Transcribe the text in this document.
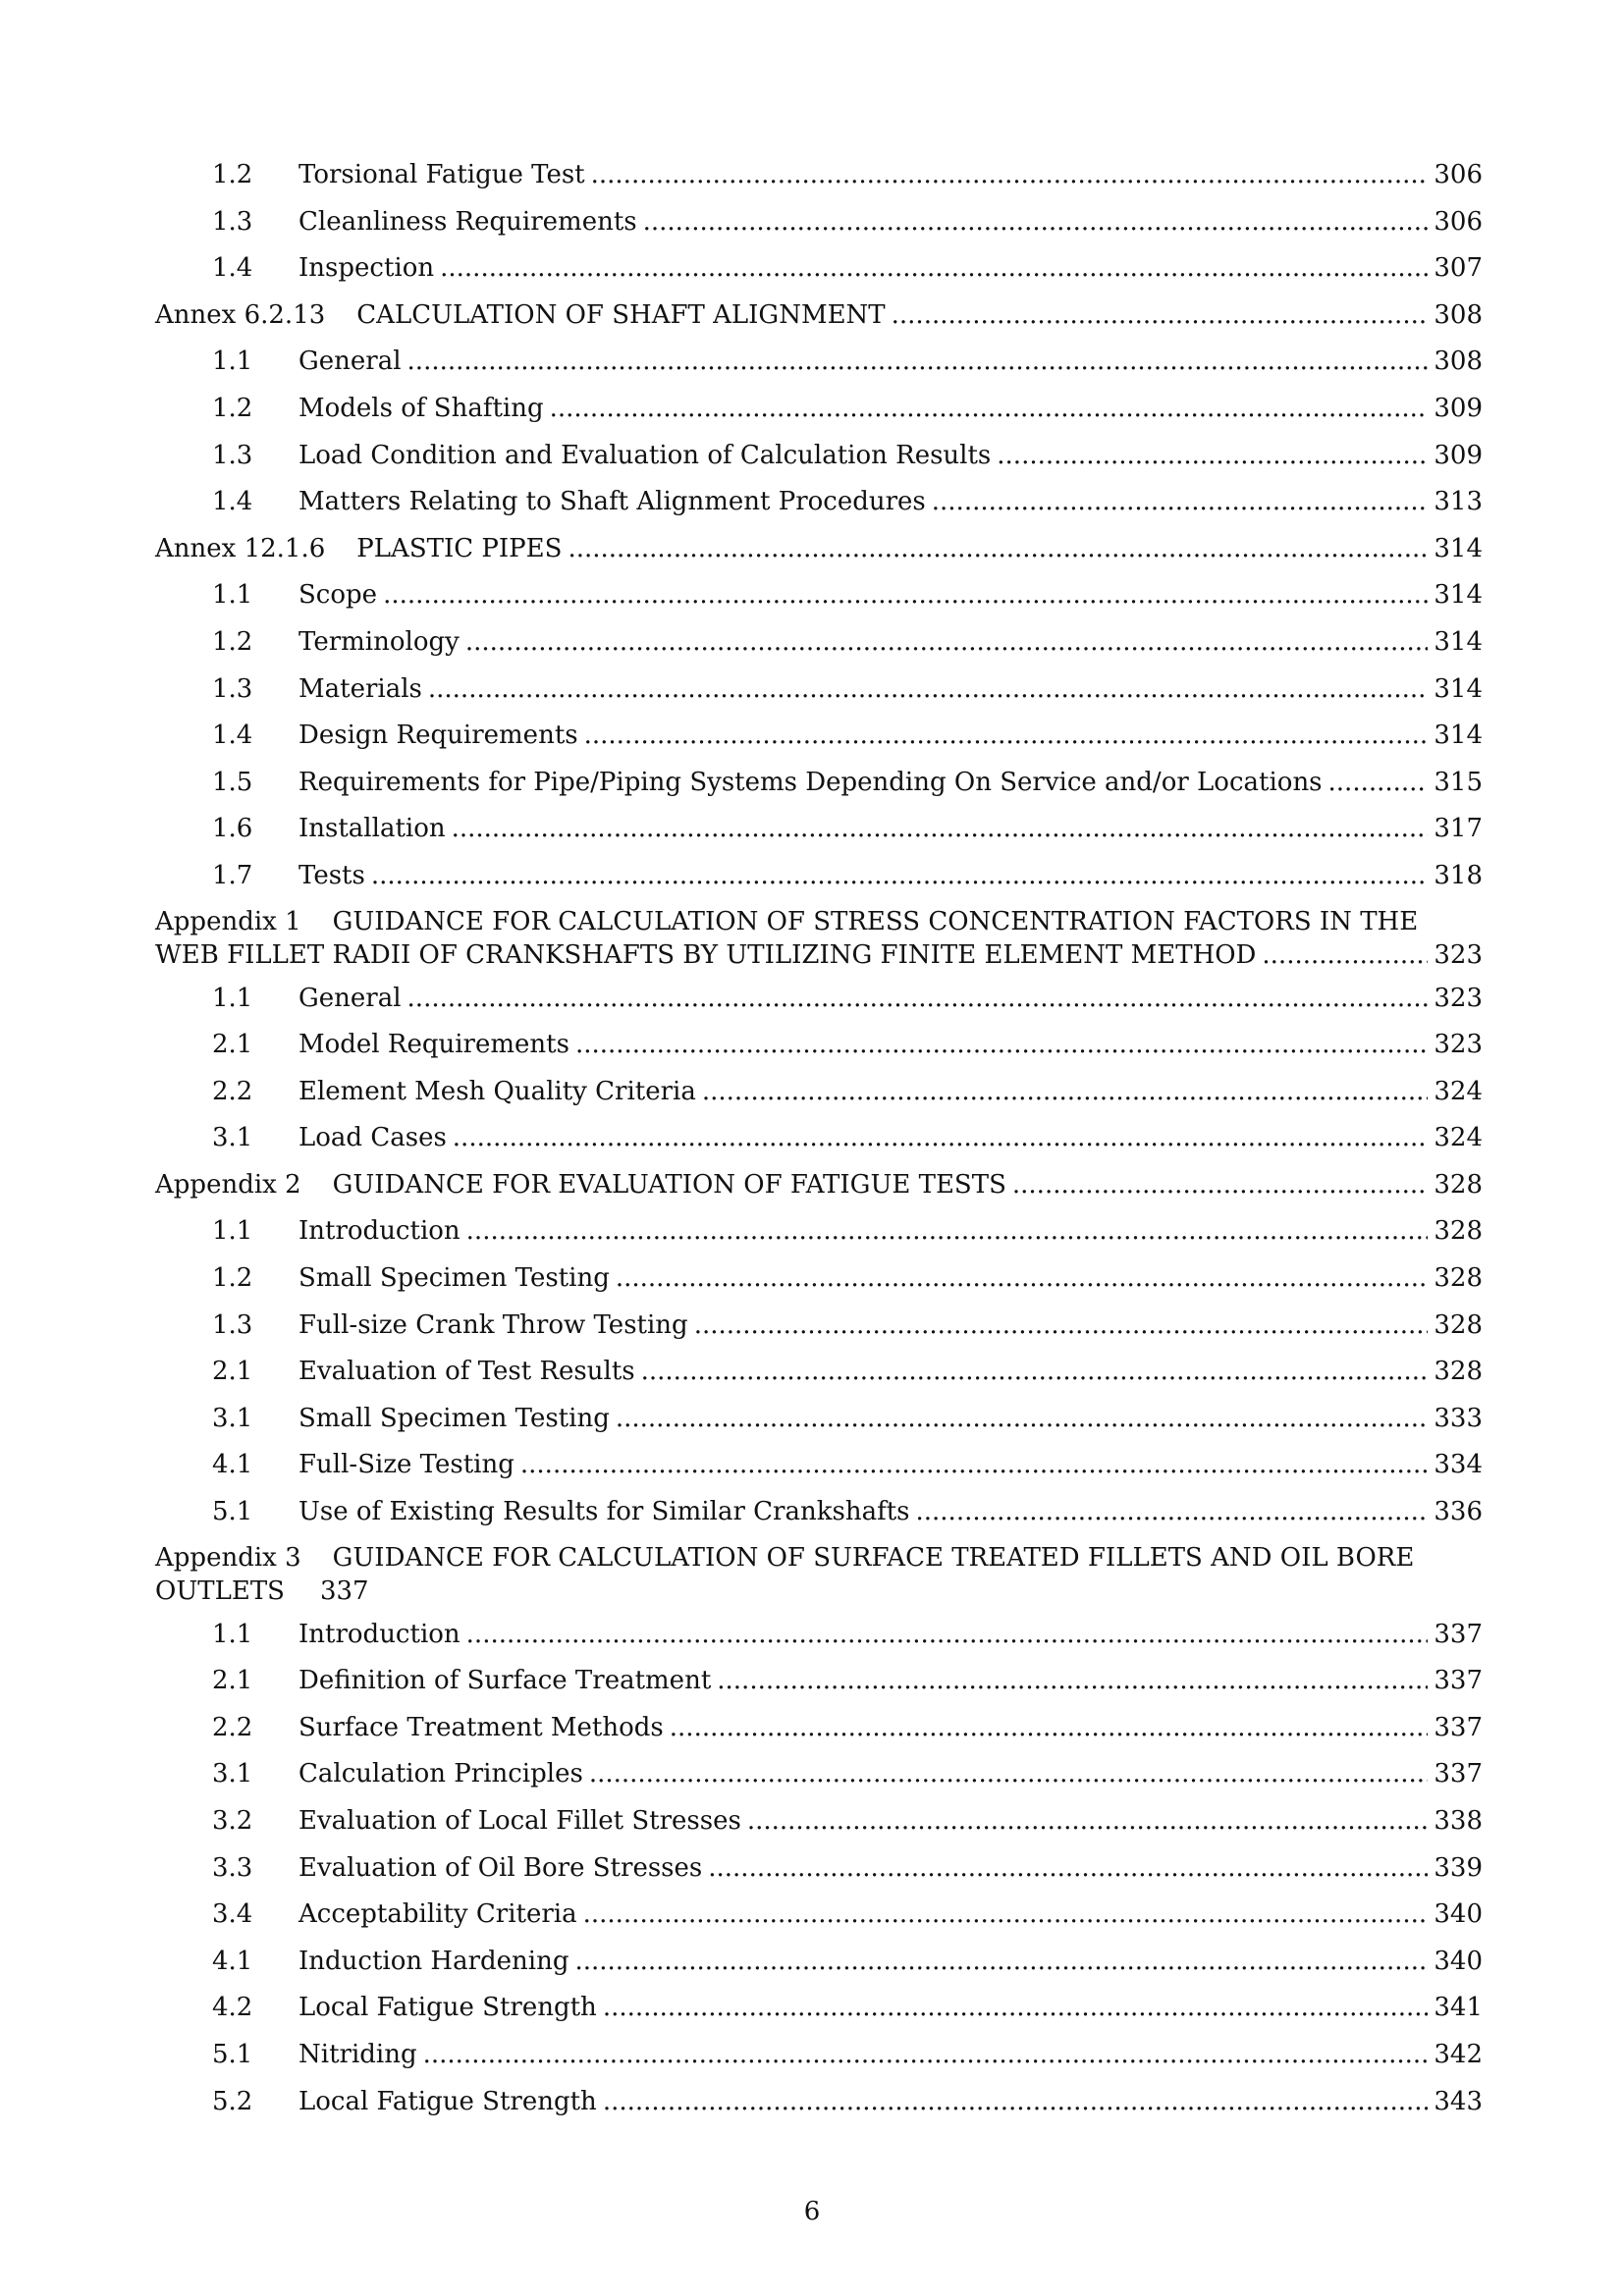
1.2 Torsional Fatigue Test .....	306
1.3 Cleanliness Requirements .....	306
1.4 Inspection .....	307
Annex 6.2.13 CALCULATION OF SHAFT ALIGNMENT .....	308
1.1 General .....	308
1.2 Models of Shafting .....	309
1.3 Load Condition and Evaluation of Calculation Results .....	309
1.4 Matters Relating to Shaft Alignment Procedures .....	313
Annex 12.1.6 PLASTIC PIPES .....	314
1.1 Scope .....	314
1.2 Terminology .....	314
1.3 Materials .....	314
1.4 Design Requirements .....	314
1.5 Requirements for Pipe/Piping Systems Depending On Service and/or Locations .....	315
1.6 Installation .....	317
1.7 Tests .....	318
Appendix 1 GUIDANCE FOR CALCULATION OF STRESS CONCENTRATION FACTORS IN THE
WEB FILLET RADII OF CRANKSHAFTS BY UTILIZING FINITE ELEMENT METHOD .....	323
1.1 General .....	323
2.1 Model Requirements .....	323
2.2 Element Mesh Quality Criteria .....	324
3.1 Load Cases .....	324
Appendix 2 GUIDANCE FOR EVALUATION OF FATIGUE TESTS .....	328
1.1 Introduction .....	328
1.2 Small Specimen Testing .....	328
1.3 Full-size Crank Throw Testing .....	328
2.1 Evaluation of Test Results .....	328
3.1 Small Specimen Testing .....	333
4.1 Full-Size Testing .....	334
5.1 Use of Existing Results for Similar Crankshafts .....	336
Appendix 3 GUIDANCE FOR CALCULATION OF SURFACE TREATED FILLETS AND OIL BORE
OUTLETS 337
1.1 Introduction .....	337
2.1 Definition of Surface Treatment .....	337
2.2 Surface Treatment Methods .....	337
3.1 Calculation Principles .....	337
3.2 Evaluation of Local Fillet Stresses .....	338
3.3 Evaluation of Oil Bore Stresses .....	339
3.4 Acceptability Criteria .....	340
4.1 Induction Hardening .....	340
4.2 Local Fatigue Strength .....	341
5.1 Nitriding .....	342
5.2 Local Fatigue Strength .....	343
6
